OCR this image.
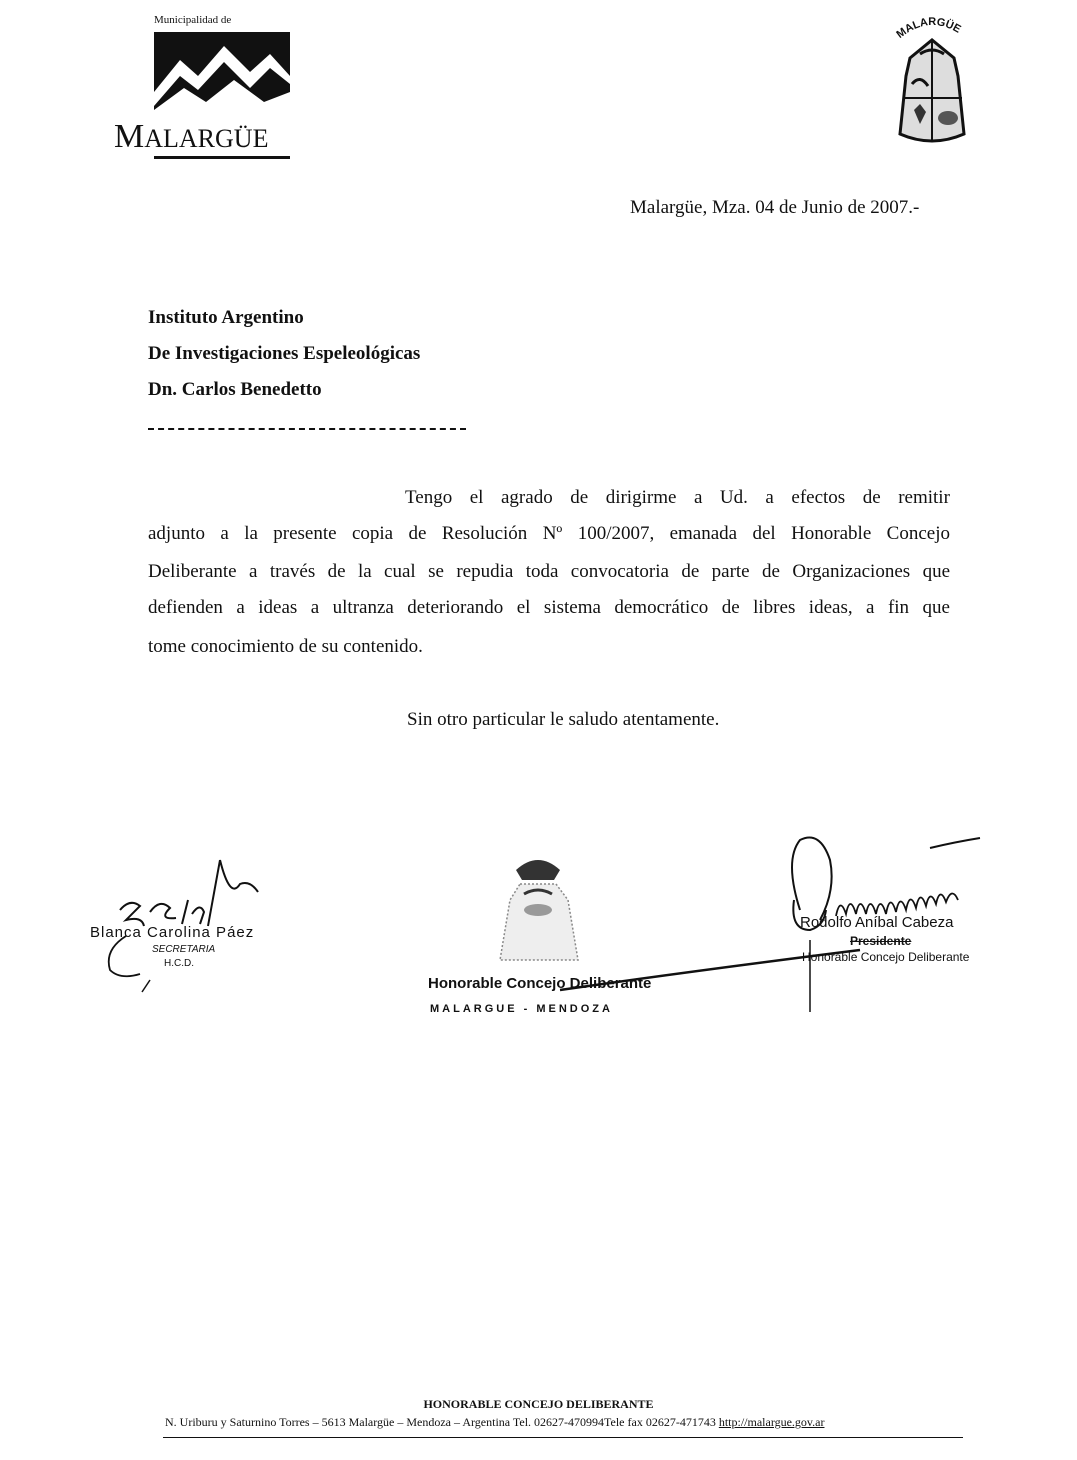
Municipalidad de
MALARGÜE
MALARGÜE
Malargüe, Mza. 04 de Junio de 2007.-
Instituto Argentino
De Investigaciones Espeleológicas
Dn. Carlos Benedetto
Tengo el agrado de dirigirme a Ud. a efectos de remitir
adjunto a la presente copia de Resolución Nº 100/2007, emanada del Honorable Concejo
Deliberante a través de la cual se repudia toda convocatoria de parte de Organizaciones que
defienden a ideas a ultranza deteriorando el sistema democrático de libres ideas, a fin que
tome conocimiento de su contenido.
Sin otro particular le saludo atentamente.
Blanca Carolina Páez
SECRETARIA
H.C.D.
Honorable Concejo Deliberante
MALARGUE - MENDOZA
Rodolfo Aníbal Cabeza
Presidente
Honorable Concejo Deliberante
HONORABLE CONCEJO DELIBERANTE
N. Uriburu y Saturnino Torres – 5613 Malargüe – Mendoza – Argentina Tel. 02627-470994Tele fax 02627-471743 http://malargue.gov.ar
